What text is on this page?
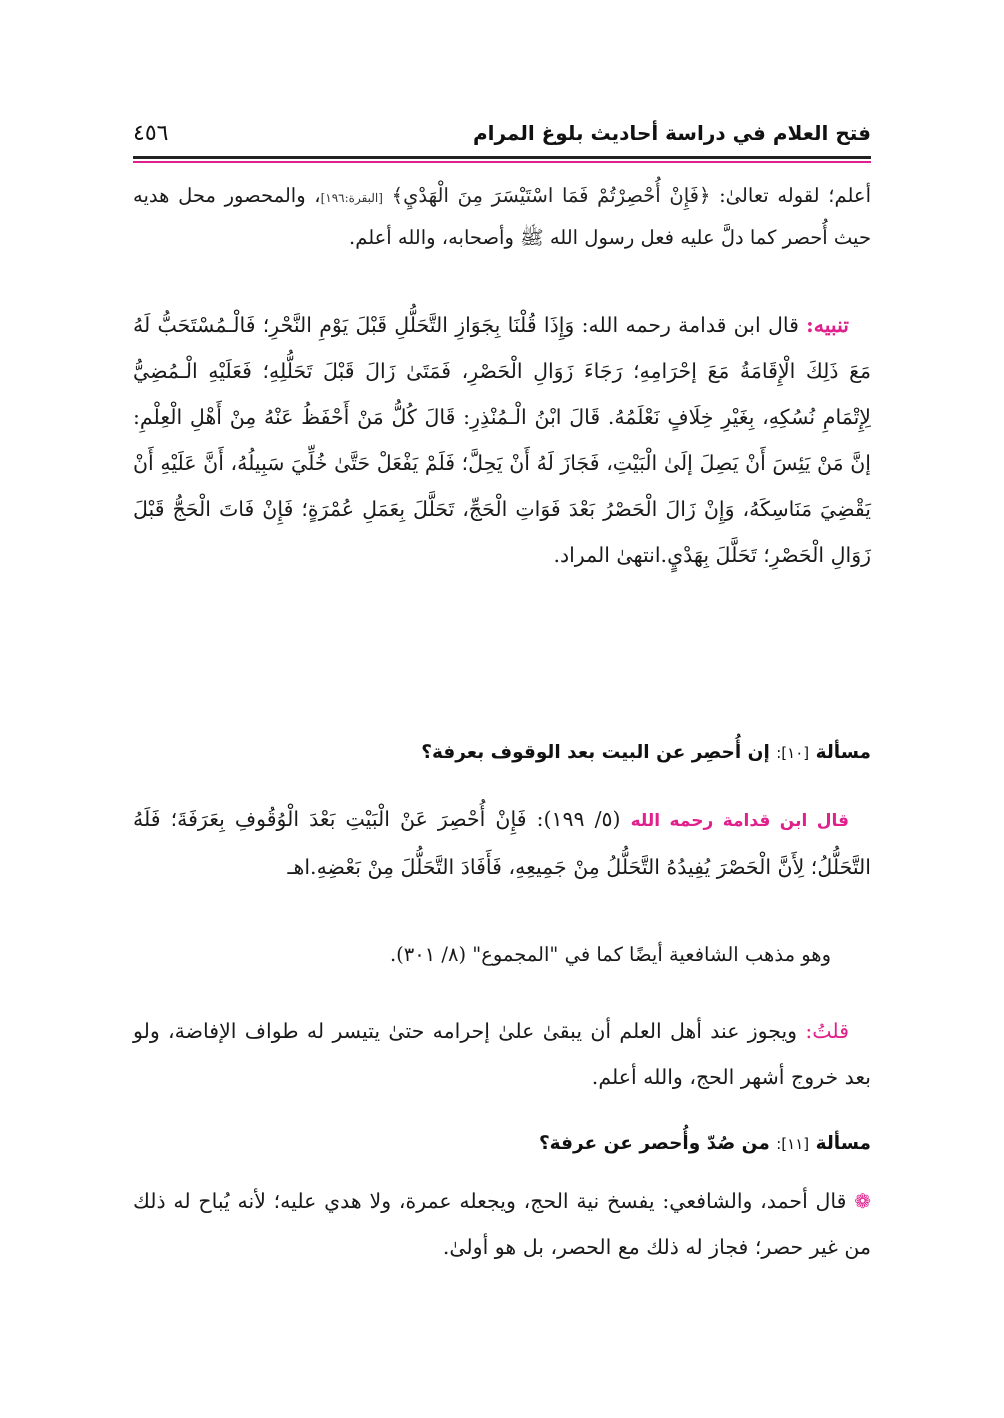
فتح العلام في دراسة أحاديث بلوغ المرام
٤٥٦
أعلم؛ لقوله تعالىٰ: ﴿فَإِنْ أُحْصِرْتُمْ فَمَا اسْتَيْسَرَ مِنَ الْهَدْيِ﴾ [البقرة:١٩٦]، والمحصور محل هديه حيث أُحصر كما دلَّ عليه فعل رسول الله ﷺ وأصحابه، والله أعلم.
تنبيه: قال ابن قدامة رحمه الله: وَإِذَا قُلْنَا بِجَوَازِ التَّحَلُّلِ قَبْلَ يَوْمِ النَّحْرِ؛ فَالْـمُسْتَحَبُّ لَهُ مَعَ ذَلِكَ الْإِقَامَةُ مَعَ إحْرَامِهِ؛ رَجَاءَ زَوَالِ الْحَصْرِ، فَمَتَىٰ زَالَ قَبْلَ تَحَلُّلِهِ؛ فَعَلَيْهِ الْـمُضِيُّ لِإِتْمَامِ نُسُكِهِ، بِغَيْرِ خِلَافٍ نَعْلَمُهُ. قَالَ ابْنُ الْـمُنْذِرِ: قَالَ كُلُّ مَنْ أَحْفَظُ عَنْهُ مِنْ أَهْلِ الْعِلْمِ: إنَّ مَنْ يَئِسَ أَنْ يَصِلَ إلَىٰ الْبَيْتِ، فَجَازَ لَهُ أَنْ يَحِلَّ؛ فَلَمْ يَفْعَلْ حَتَّىٰ خُلِّيَ سَبِيلُهُ، أَنَّ عَلَيْهِ أَنْ يَقْضِيَ مَنَاسِكَهُ، وَإِنْ زَالَ الْحَصْرُ بَعْدَ فَوَاتِ الْحَجِّ، تَحَلَّلَ بِعَمَلِ عُمْرَةٍ؛ فَإِنْ فَاتَ الْحَجُّ قَبْلَ زَوَالِ الْحَصْرِ؛ تَحَلَّلَ بِهَدْيٍ.انتهىٰ المراد.
مسألة [١٠]: إن أُحصِر عن البيت بعد الوقوف بعرفة؟
قال ابن قدامة رحمه الله (٥/ ١٩٩): فَإِنْ أُحْصِرَ عَنْ الْبَيْتِ بَعْدَ الْوُقُوفِ بِعَرَفَةَ؛ فَلَهُ التَّحَلُّلُ؛ لِأَنَّ الْحَصْرَ يُفِيدُهُ التَّحَلُّلُ مِنْ جَمِيعِهِ، فَأَفَادَ التَّحَلُّلَ مِنْ بَعْضِهِ.اهـ
وهو مذهب الشافعية أيضًا كما في "المجموع" (٨/ ٣٠١).
قلتُ: ويجوز عند أهل العلم أن يبقىٰ علىٰ إحرامه حتىٰ يتيسر له طواف الإفاضة، ولو بعد خروج أشهر الحج، والله أعلم.
مسألة [١١]: من صُدّ وأُحصر عن عرفة؟
❁ قال أحمد، والشافعي: يفسخ نية الحج، ويجعله عمرة، ولا هدي عليه؛ لأنه يُباح له ذلك من غير حصر؛ فجاز له ذلك مع الحصر، بل هو أولىٰ.
